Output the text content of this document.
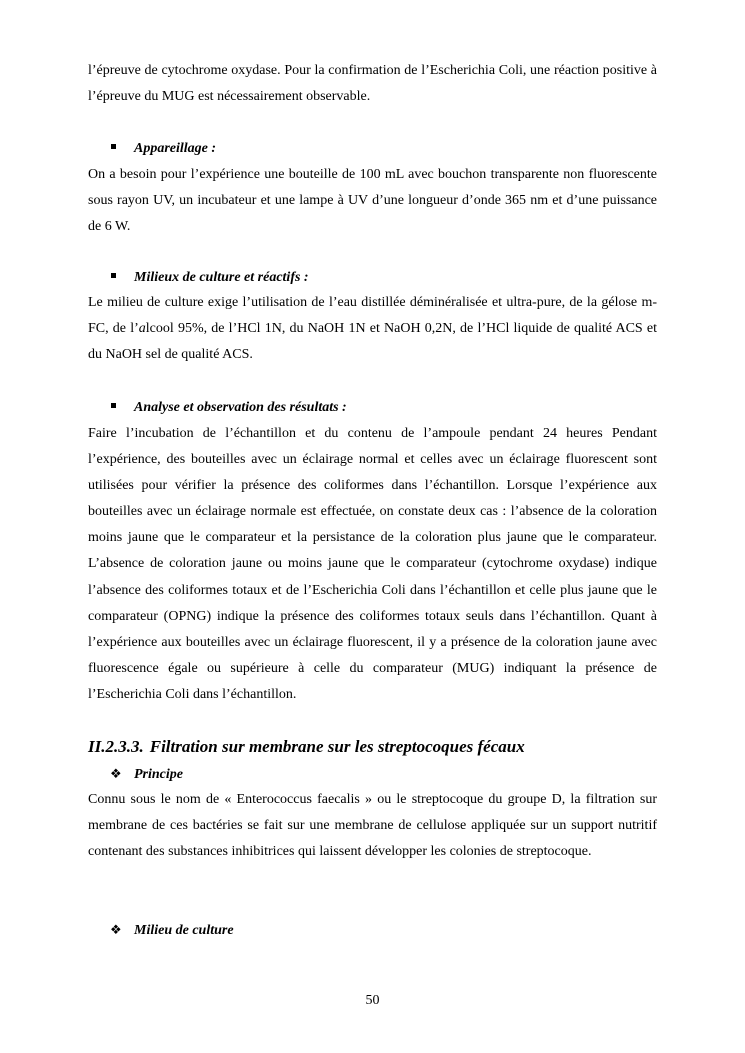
l’épreuve de cytochrome oxydase. Pour la confirmation de l’Escherichia Coli, une réaction positive à l’épreuve du MUG est nécessairement observable.

Appareillage :

On a besoin pour l’expérience une bouteille de 100 mL avec bouchon transparente non fluorescente sous rayon UV, un incubateur et une lampe à UV d’une longueur d’onde 365 nm et d’une puissance de 6 W.

Milieux de culture et réactifs :

Le milieu de culture exige l’utilisation de l’eau distillée déminéralisée et ultra-pure, de la gélose m-FC, de l’alcool 95%, de l’HCl 1N, du NaOH 1N et NaOH 0,2N, de l’HCl liquide de qualité ACS et du NaOH sel de qualité ACS.

Analyse et observation des résultats :

Faire l’incubation de l’échantillon et du contenu de l’ampoule pendant 24 heures Pendant l’expérience, des bouteilles avec un éclairage normal et celles avec un éclairage fluorescent sont utilisées pour vérifier la présence des coliformes dans l’échantillon. Lorsque l’expérience aux bouteilles avec un éclairage normale est effectuée, on constate deux cas : l’absence de la coloration moins jaune que le comparateur et la persistance de la coloration plus jaune que le comparateur. L’absence de coloration jaune ou moins jaune que le comparateur (cytochrome oxydase) indique l’absence des coliformes totaux et de l’Escherichia Coli dans l’échantillon et celle plus jaune que le comparateur (OPNG) indique la présence des coliformes totaux seuls dans l’échantillon. Quant à l’expérience aux bouteilles avec un éclairage fluorescent, il y a présence de la coloration jaune avec fluorescence égale ou supérieure à celle du comparateur (MUG) indiquant la présence de l’Escherichia Coli dans l’échantillon.

II.2.3.3. Filtration sur membrane sur les streptocoques fécaux
❖ Principe

Connu sous le nom de « Enterococcus faecalis » ou le streptocoque du groupe D, la filtration sur membrane de ces bactéries se fait sur une membrane de cellulose appliquée sur un support nutritif contenant des substances inhibitrices qui laissent développer les colonies de streptocoque.

❖ Milieu de culture
50
